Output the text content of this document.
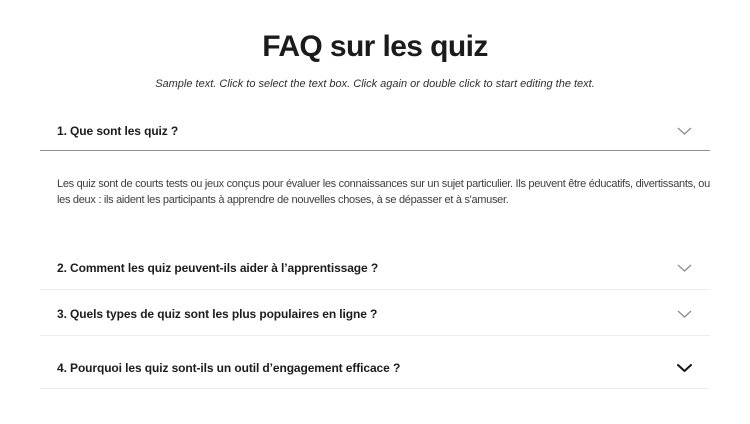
FAQ sur les quiz
Sample text. Click to select the text box. Click again or double click to start editing the text.
1. Que sont les quiz ?

Les quiz sont de courts tests ou jeux conçus pour évaluer les connaissances sur un sujet particulier. Ils peuvent être éducatifs, divertissants, ou les deux : ils aident les participants à apprendre de nouvelles choses, à se dépasser et à s'amuser.

2. Comment les quiz peuvent-ils aider à l’apprentissage ?
3. Quels types de quiz sont les plus populaires en ligne ?
4. Pourquoi les quiz sont-ils un outil d’engagement efficace ?
